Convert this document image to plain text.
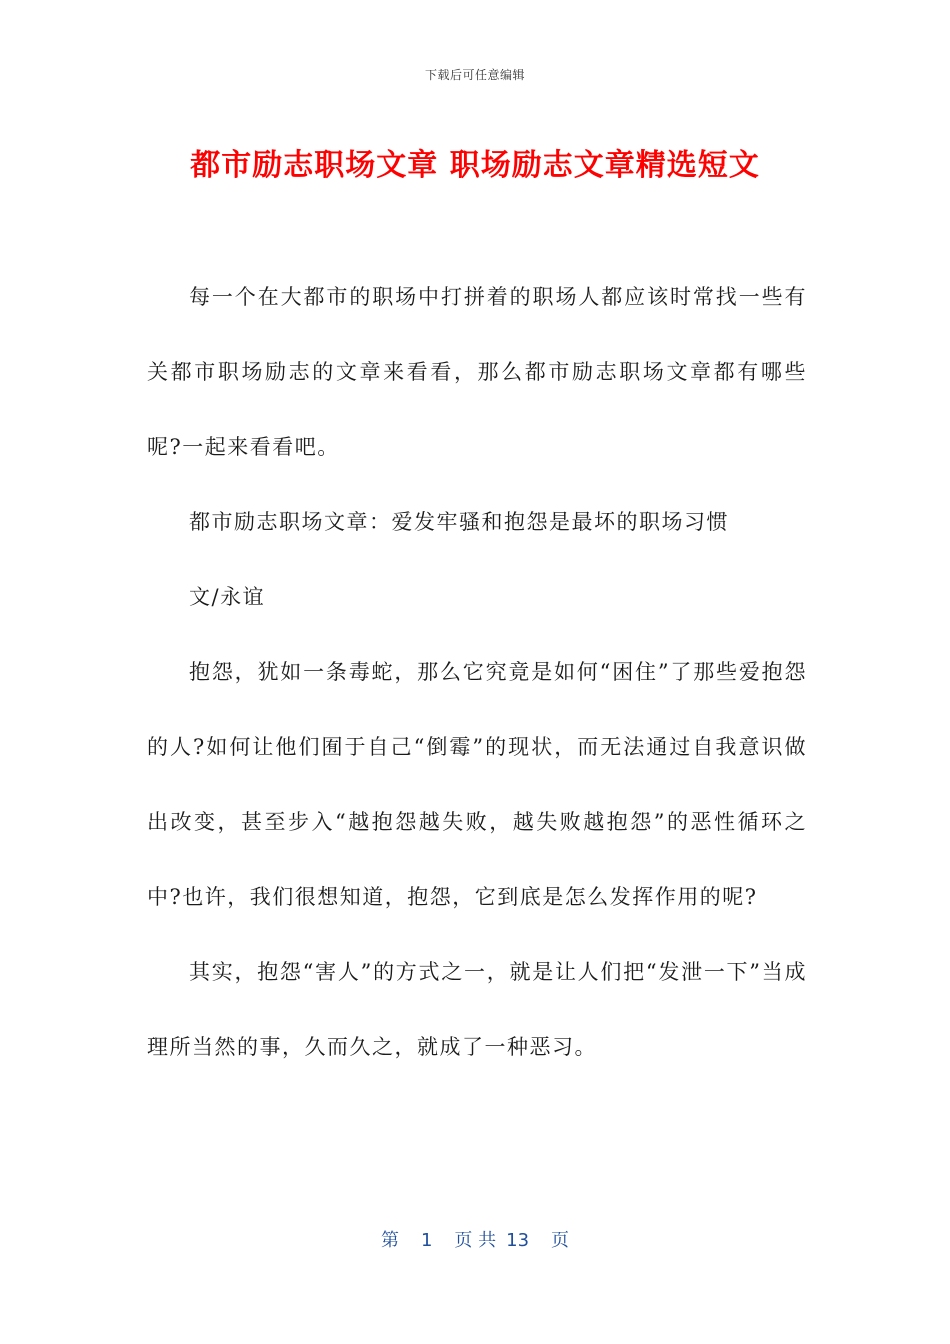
下载后可任意编辑
都市励志职场文章 职场励志文章精选短文

每一个在大都市的职场中打拼着的职场人都应该时常找一些有关都市职场励志的文章来看看，那么都市励志职场文章都有哪些呢?一起来看看吧。

都市励志职场文章：爱发牢骚和抱怨是最坏的职场习惯

文/永谊

抱怨，犹如一条毒蛇，那么它究竟是如何“困住”了那些爱抱怨的人?如何让他们囿于自己“倒霉”的现状，而无法通过自我意识做出改变，甚至步入“越抱怨越失败，越失败越抱怨”的恶性循环之中?也许，我们很想知道，抱怨，它到底是怎么发挥作用的呢?

其实，抱怨“害人”的方式之一，就是让人们把“发泄一下”当成理所当然的事，久而久之，就成了一种恶习。

第 1 页 共 13 页
